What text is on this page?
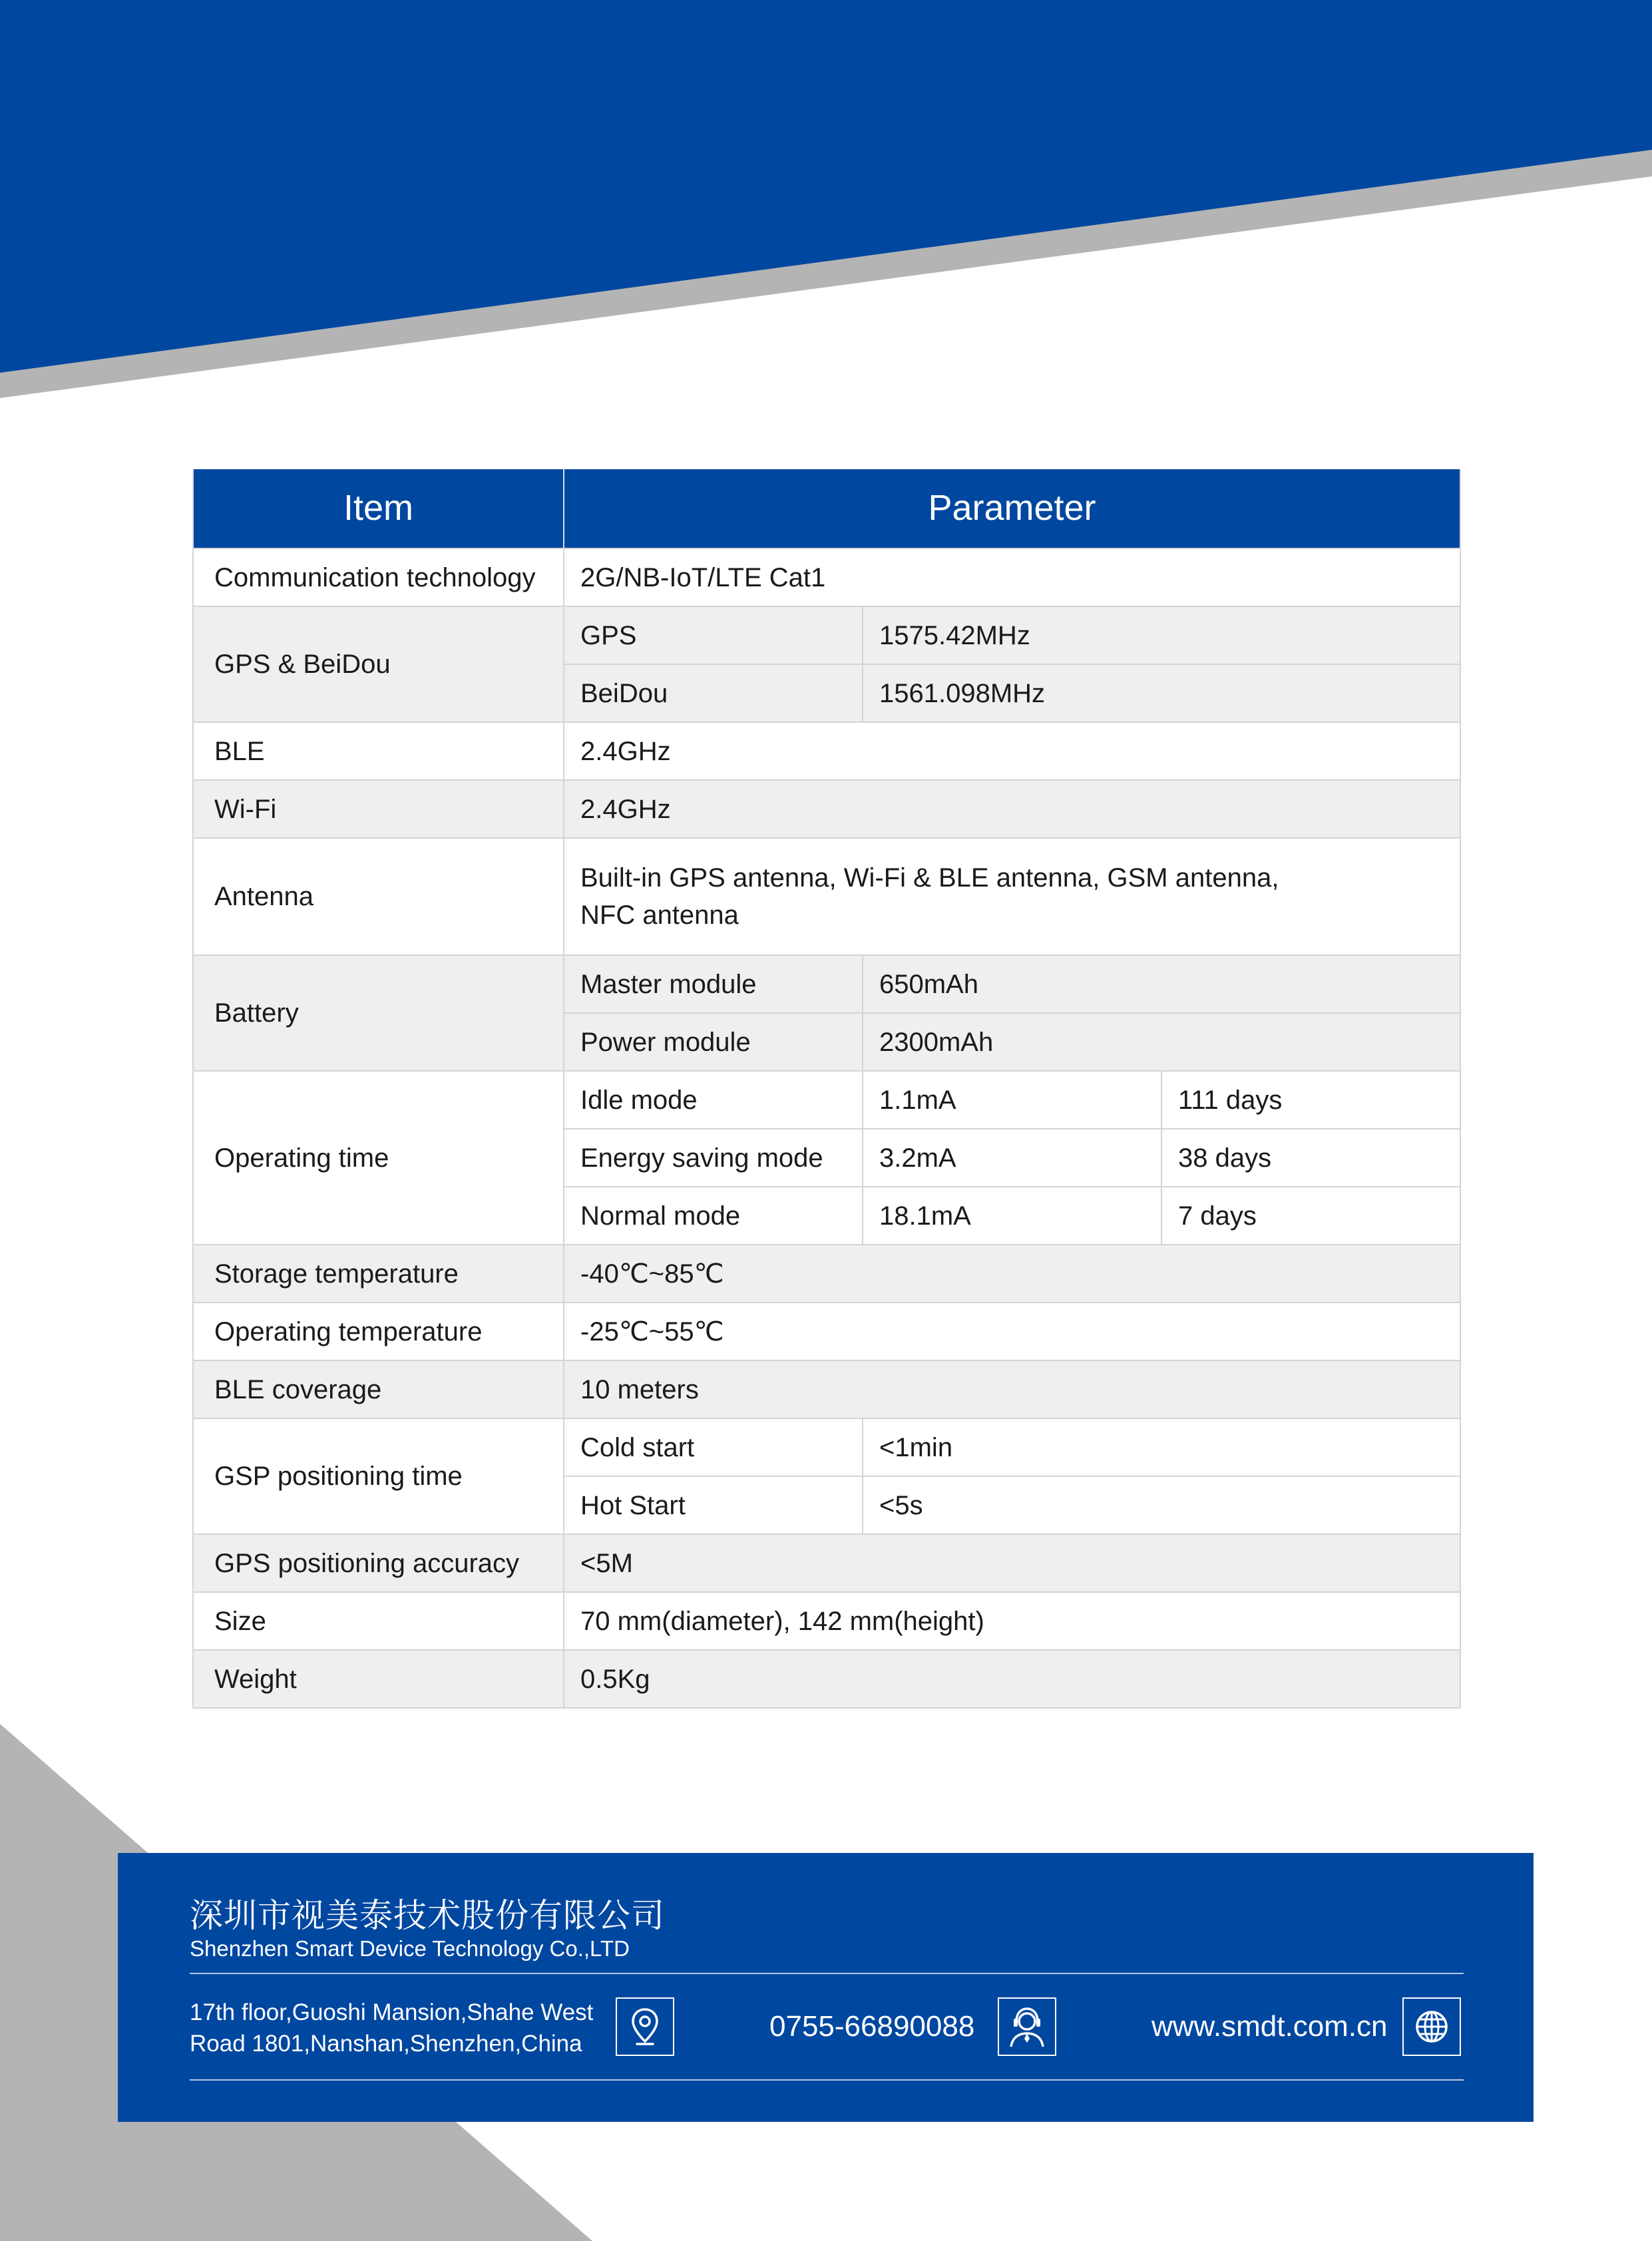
Item	Parameter		
Communication technology	2G/NB-IoT/LTE Cat1		
GPS & BeiDou	GPS	1575.42MHz	
	BeiDou	1561.098MHz	
BLE	2.4GHz		
Wi-Fi	2.4GHz		
Antenna	Built-in GPS antenna, Wi-Fi & BLE antenna, GSM antenna,
NFC antenna		
Battery	Master module	650mAh	
	Power module	2300mAh	
Operating time	Idle mode	1.1mA	111 days
	Energy saving mode	3.2mA	38 days
	Normal mode	18.1mA	7 days
Storage temperature	-40℃~85℃		
Operating temperature	-25℃~55℃		
BLE coverage	10 meters		
GSP positioning time	Cold start	<1min	
	Hot Start	<5s	
GPS positioning accuracy	<5M		
Size	70 mm(diameter), 142 mm(height)		
Weight	0.5Kg		
深圳市视美泰技术股份有限公司
Shenzhen Smart Device Technology Co.,LTD
17th floor,Guoshi Mansion,Shahe West
Road 1801,Nanshan,Shenzhen,China
0755-66890088	www.smdt.com.cn
